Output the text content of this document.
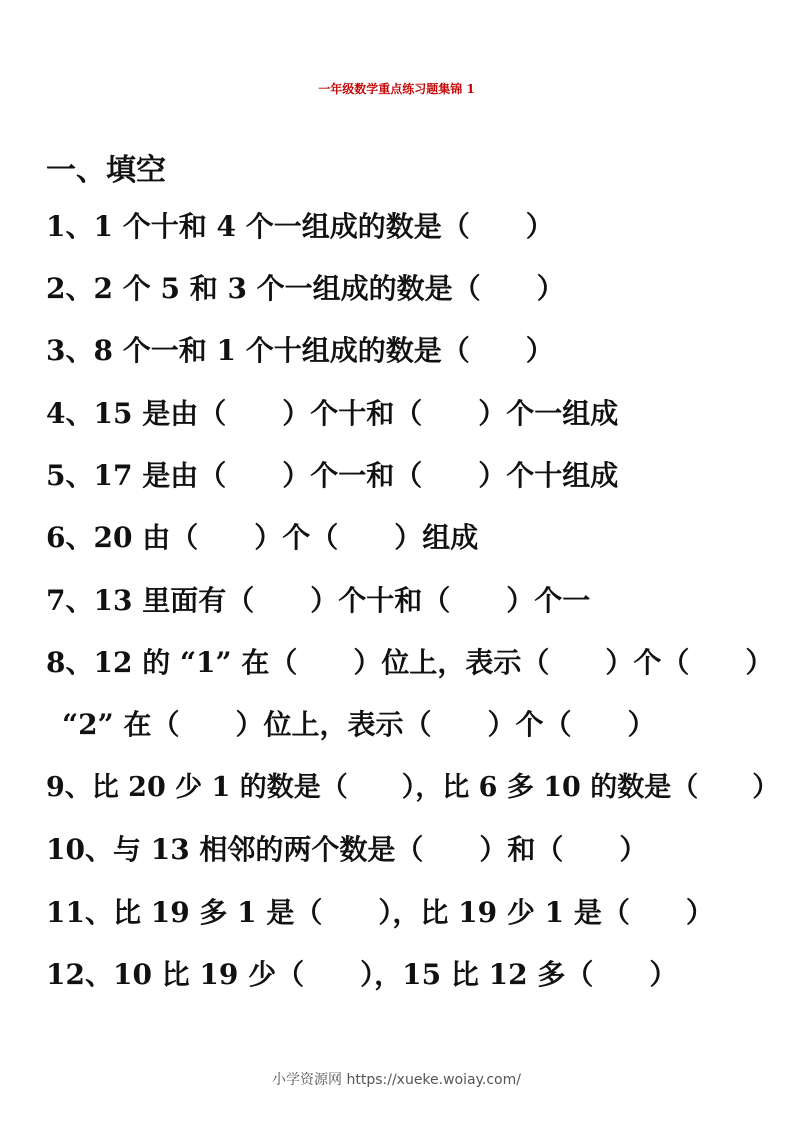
一年级数学重点练习题集锦 1
一、填空
1、1 个十和 4 个一组成的数是（　　）
2、2 个 5 和 3 个一组成的数是（　　）
3、8 个一和 1 个十组成的数是（　　）
4、15 是由（　　）个十和（　　）个一组成
5、17 是由（　　）个一和（　　）个十组成
6、20 由（　　）个（　　）组成
7、13 里面有（　　）个十和（　　）个一
8、12 的 “1” 在（　　）位上，表示（　　）个（　　）
“2” 在（　　）位上，表示（　　）个（　　）
9、比 20 少 1 的数是（　　），比 6 多 10 的数是（　　）
10、与 13 相邻的两个数是（　　）和（　　）
11、比 19 多 1 是（　　），比 19 少 1 是（　　）
12、10 比 19 少（　　），15 比 12 多（　　）
小学资源网 https://xueke.woiay.com/
